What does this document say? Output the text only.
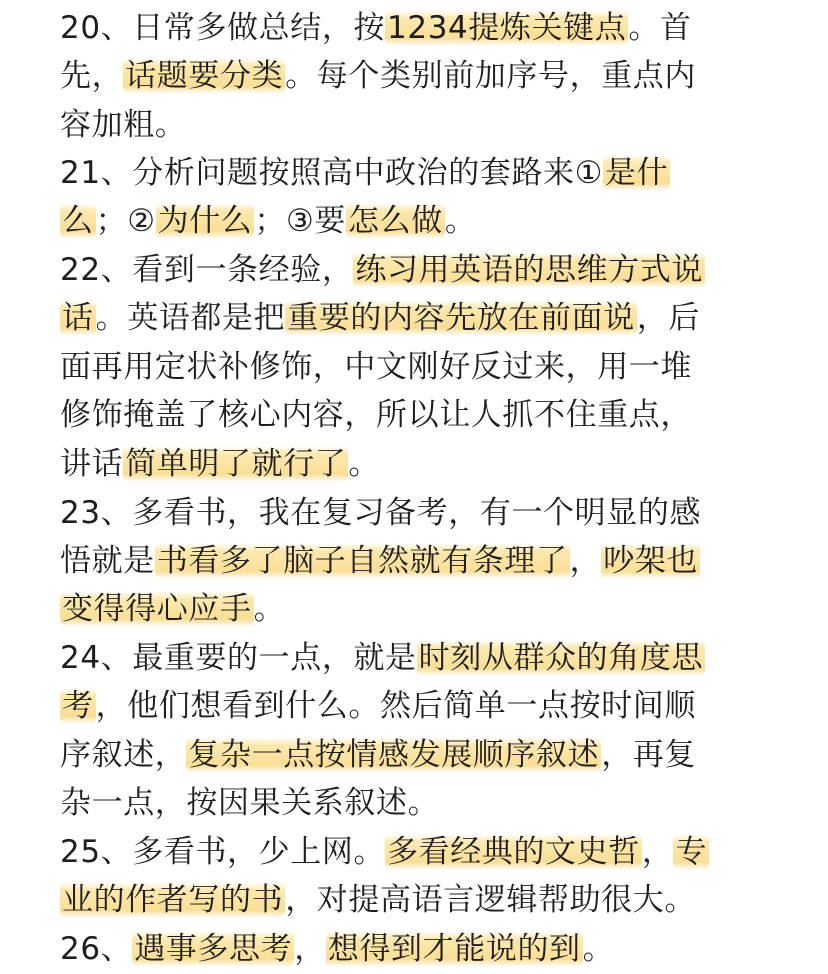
20、日常多做总结，按1234提炼关键点。首
先，话题要分类。每个类别前加序号，重点内
容加粗。
21、分析问题按照高中政治的套路来①是什
么；②为什么；③要怎么做。
22、看到一条经验，练习用英语的思维方式说
话。英语都是把重要的内容先放在前面说，后
面再用定状补修饰，中文刚好反过来，用一堆
修饰掩盖了核心内容，所以让人抓不住重点，
讲话简单明了就行了。
23、多看书，我在复习备考，有一个明显的感
悟就是书看多了脑子自然就有条理了，吵架也
变得得心应手。
24、最重要的一点，就是时刻从群众的角度思
考，他们想看到什么。然后简单一点按时间顺
序叙述，复杂一点按情感发展顺序叙述，再复
杂一点，按因果关系叙述。
25、多看书，少上网。多看经典的文史哲，专
业的作者写的书，对提高语言逻辑帮助很大。
26、遇事多思考，想得到才能说的到。
